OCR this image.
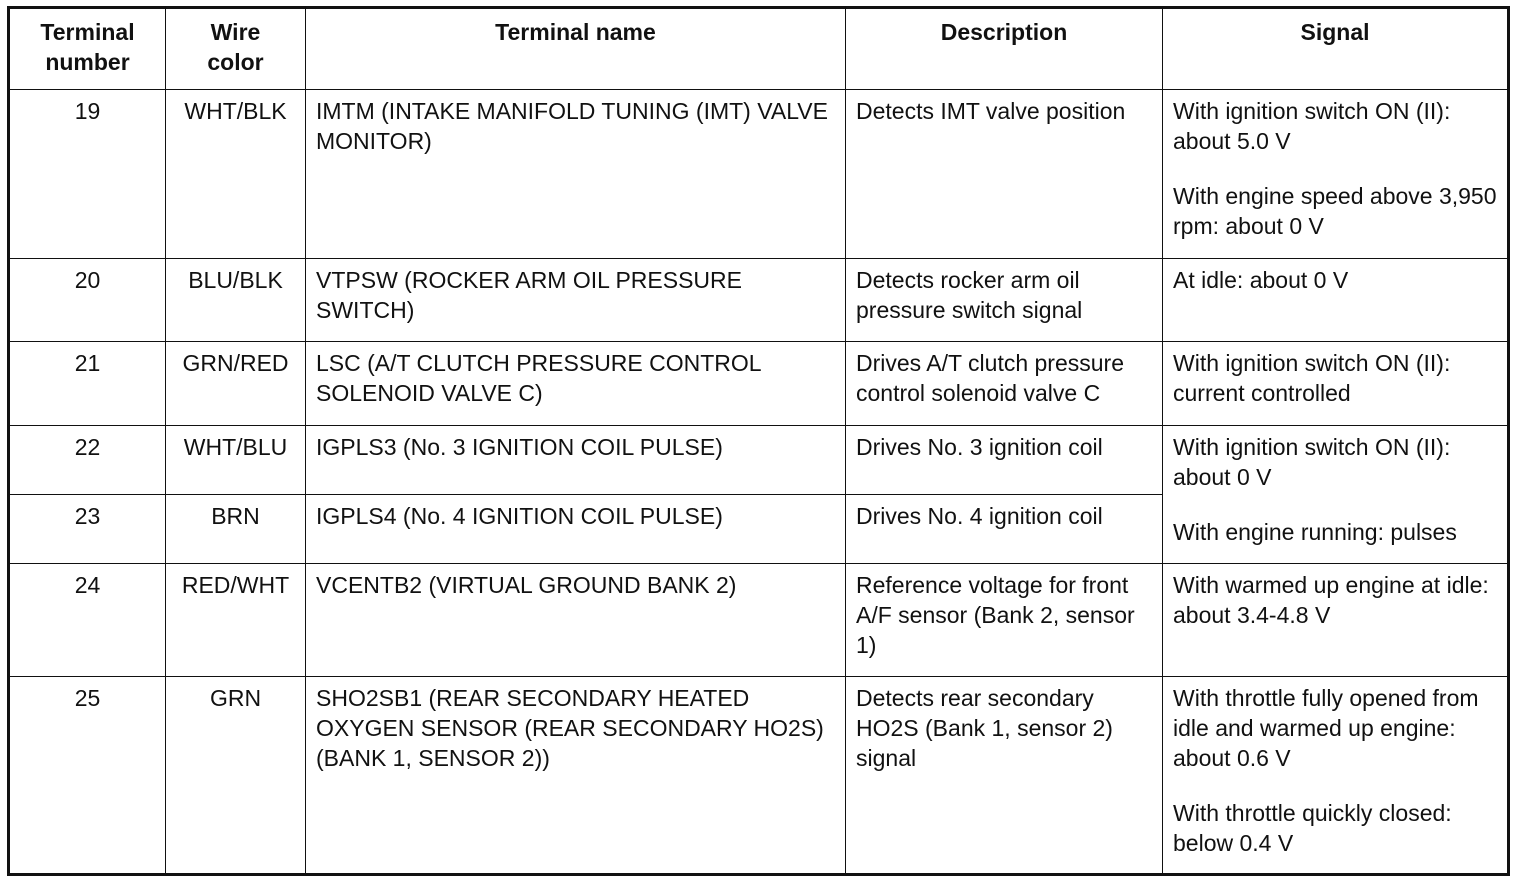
Terminal
number	Wire
color	Terminal name	Description	Signal
19	WHT/BLK	IMTM (INTAKE MANIFOLD TUNING (IMT) VALVE MONITOR)	Detects IMT valve position	With ignition switch ON (II): about 5.0 V

With engine speed above 3,950 rpm: about 0 V

20	BLU/BLK	VTPSW (ROCKER ARM OIL PRESSURE SWITCH)	Detects rocker arm oil pressure switch signal	At idle: about 0 V

21	GRN/RED	LSC (A/T CLUTCH PRESSURE CONTROL SOLENOID VALVE C)	Drives A/T clutch pressure control solenoid valve C	With ignition switch ON (II): current controlled

22	WHT/BLU	IGPLS3 (No. 3 IGNITION COIL PULSE)	Drives No. 3 ignition coil	With ignition switch ON (II): about 0 V

With engine running: pulses

23	BRN	IGPLS4 (No. 4 IGNITION COIL PULSE)	Drives No. 4 ignition coil	
24	RED/WHT	VCENTB2 (VIRTUAL GROUND BANK 2)	Reference voltage for front A/F sensor (Bank 2, sensor 1)	With warmed up engine at idle: about 3.4-4.8 V

25	GRN	SHO2SB1 (REAR SECONDARY HEATED OXYGEN SENSOR (REAR SECONDARY HO2S) (BANK 1, SENSOR 2))	Detects rear secondary HO2S (Bank 1, sensor 2) signal	With throttle fully opened from idle and warmed up engine: about 0.6 V

With throttle quickly closed: below 0.4 V
